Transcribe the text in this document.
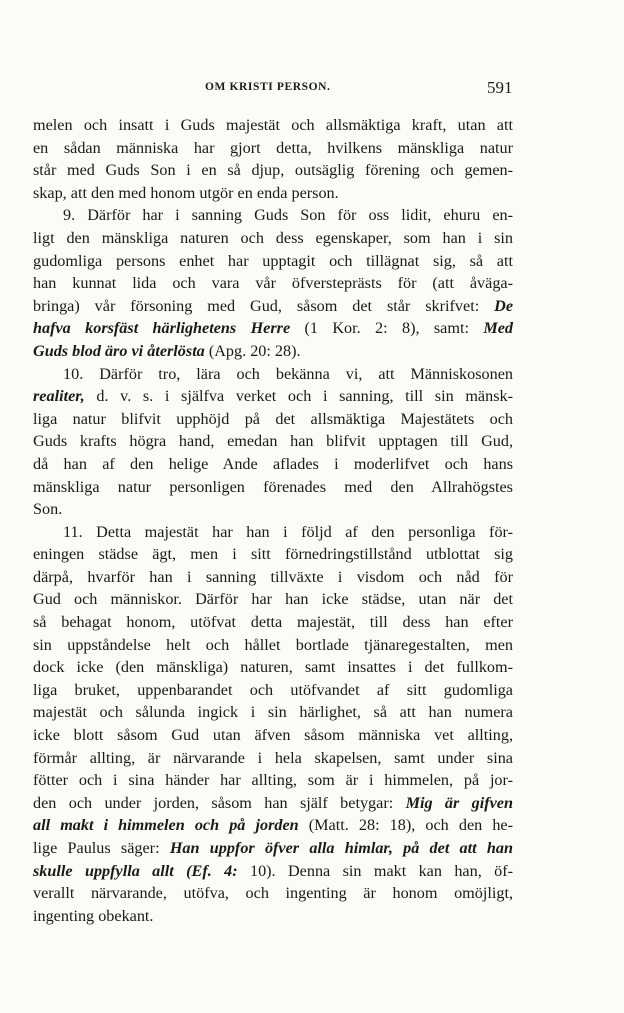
OM KRISTI PERSON.	591
melen och insatt i Guds majestät och allsmäktiga kraft, utan att
en sådan människa har gjort detta, hvilkens mänskliga natur
står med Guds Son i en så djup, outsäglig förening och gemen-
skap, att den med honom utgör en enda person.
9. Därför har i sanning Guds Son för oss lidit, ehuru en-
ligt den mänskliga naturen och dess egenskaper, som han i sin
gudomliga persons enhet har upptagit och tillägnat sig, så att
han kunnat lida och vara vår öfversteprästs för (att åväga-
bringa) vår försoning med Gud, såsom det står skrifvet: De
hafva korsfäst härlighetens Herre (1 Kor. 2: 8), samt: Med
Guds blod äro vi återlösta (Apg. 20: 28).
10. Därför tro, lära och bekänna vi, att Människosonen
realiter, d. v. s. i själfva verket och i sanning, till sin mänsk-
liga natur blifvit upphöjd på det allsmäktiga Majestätets och
Guds krafts högra hand, emedan han blifvit upptagen till Gud,
då han af den helige Ande aflades i moderlifvet och hans
mänskliga natur personligen förenades med den Allrahögstes
Son.
11. Detta majestät har han i följd af den personliga för-
eningen städse ägt, men i sitt förnedringstillstånd utblottat sig
därpå, hvarför han i sanning tillväxte i visdom och nåd för
Gud och människor. Därför har han icke städse, utan när det
så behagat honom, utöfvat detta majestät, till dess han efter
sin uppståndelse helt och hållet bortlade tjänaregestalten, men
dock icke (den mänskliga) naturen, samt insattes i det fullkom-
liga bruket, uppenbarandet och utöfvandet af sitt gudomliga
majestät och sålunda ingick i sin härlighet, så att han numera
icke blott såsom Gud utan äfven såsom människa vet allting,
förmår allting, är närvarande i hela skapelsen, samt under sina
fötter och i sina händer har allting, som är i himmelen, på jor-
den och under jorden, såsom han själf betygar: Mig är gifven
all makt i himmelen och på jorden (Matt. 28: 18), och den he-
lige Paulus säger: Han uppfor öfver alla himlar, på det att han
skulle uppfylla allt (Ef. 4: 10). Denna sin makt kan han, öf-
verallt närvarande, utöfva, och ingenting är honom omöjligt,
ingenting obekant.
